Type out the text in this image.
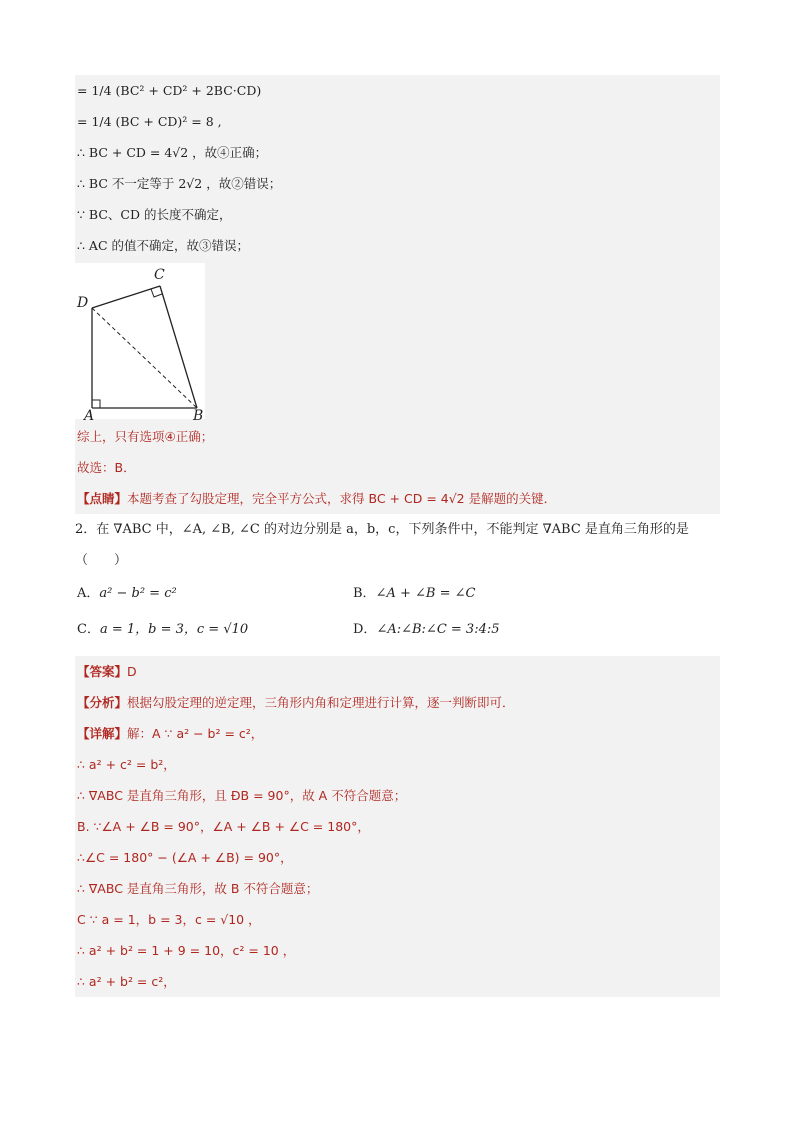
= 1/4 (BC² + CD² + 2BC·CD)
= 1/4 (BC + CD)² = 8 ,
∴ BC + CD = 4√2 ，故④正确；
∴ BC 不一定等于 2√2 ，故②错误；
∵ BC、CD 的长度不确定，
∴ AC 的值不确定，故③错误；
C
D
A	B
综上，只有选项④正确；
故选：B．
【点睛】本题考查了勾股定理，完全平方公式，求得 BC + CD = 4√2 是解题的关键．
2．在 ∇ABC 中，∠A, ∠B, ∠C 的对边分别是 a，b，c，下列条件中，不能判定 ∇ABC 是直角三角形的是
（　　）
A．a² − b² = c²	B．∠A + ∠B = ∠C
C．a = 1，b = 3，c = √10	D．∠A:∠B:∠C = 3:4:5
【答案】D
【分析】根据勾股定理的逆定理，三角形内角和定理进行计算，逐一判断即可．
【详解】解：A ∵ a² − b² = c²，
∴ a² + c² = b²，
∴ ∇ABC 是直角三角形，且 ÐB = 90°，故 A 不符合题意；
B. ∵∠A + ∠B = 90°，∠A + ∠B + ∠C = 180°，
∴∠C = 180° − (∠A + ∠B) = 90°，
∴ ∇ABC 是直角三角形，故 B 不符合题意；
C ∵ a = 1，b = 3，c = √10 ，
∴ a² + b² = 1 + 9 = 10，c² = 10 ，
∴ a² + b² = c²，
